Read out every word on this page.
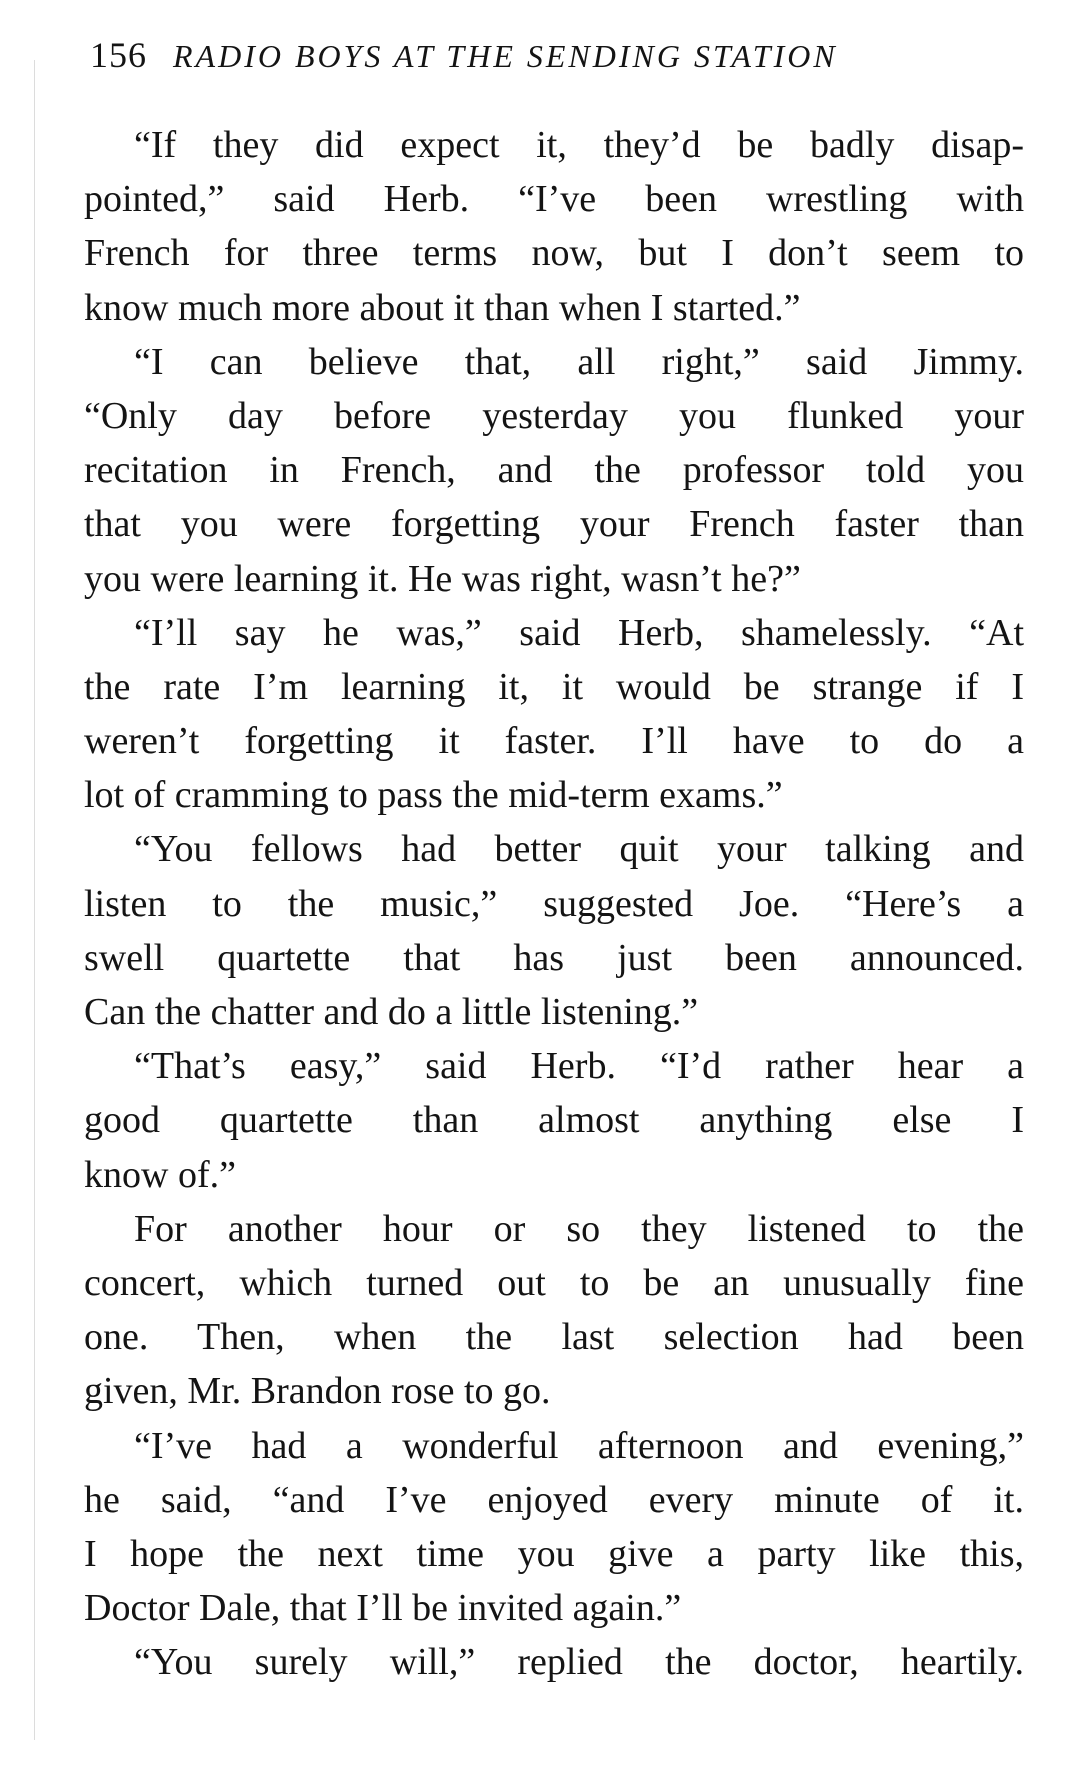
156 RADIO BOYS AT THE SENDING STATION
“If they did expect it, they’d be badly disap-
pointed,” said Herb. “I’ve been wrestling with
French for three terms now, but I don’t seem to
know much more about it than when I started.”
“I can believe that, all right,” said Jimmy.
“Only day before yesterday you flunked your
recitation in French, and the professor told you
that you were forgetting your French faster than
you were learning it. He was right, wasn’t he?”
“I’ll say he was,” said Herb, shamelessly. “At
the rate I’m learning it, it would be strange if I
weren’t forgetting it faster. I’ll have to do a
lot of cramming to pass the mid-term exams.”
“You fellows had better quit your talking and
listen to the music,” suggested Joe. “Here’s a
swell quartette that has just been announced.
Can the chatter and do a little listening.”
“That’s easy,” said Herb. “I’d rather hear a
good quartette than almost anything else I
know of.”
For another hour or so they listened to the
concert, which turned out to be an unusually fine
one. Then, when the last selection had been
given, Mr. Brandon rose to go.
“I’ve had a wonderful afternoon and evening,”
he said, “and I’ve enjoyed every minute of it.
I hope the next time you give a party like this,
Doctor Dale, that I’ll be invited again.”
“You surely will,” replied the doctor, heartily.
